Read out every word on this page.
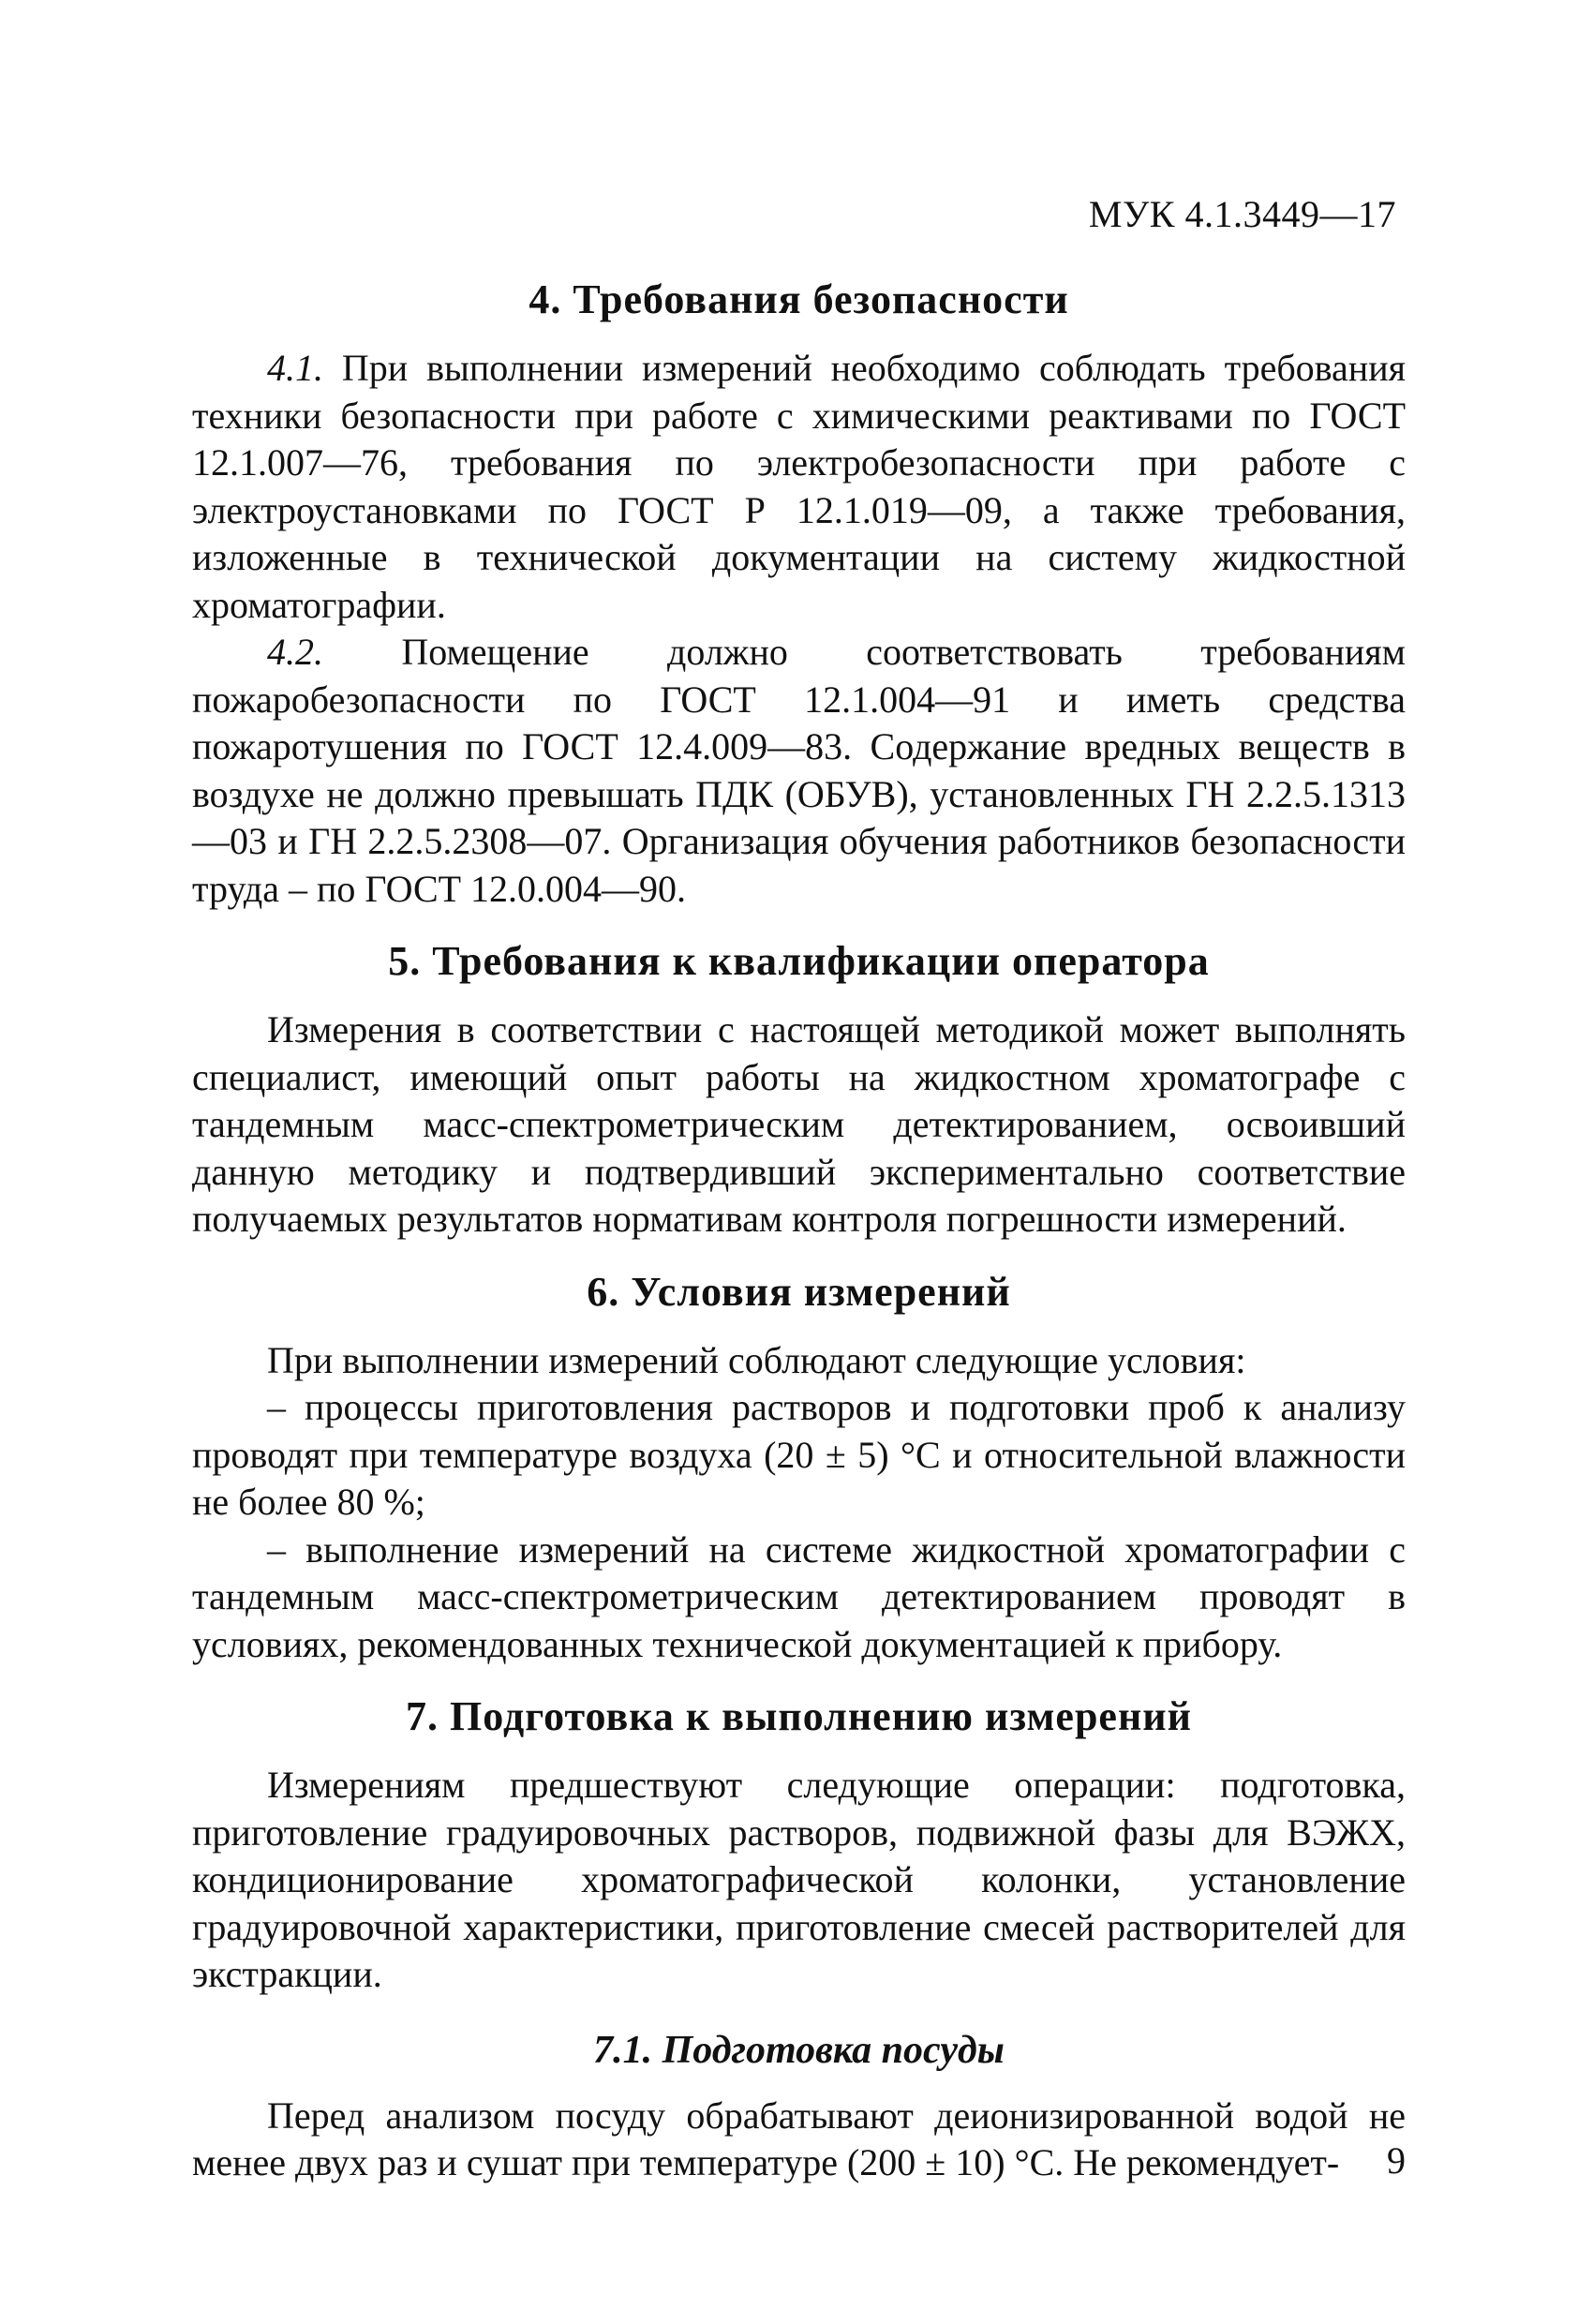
МУК 4.1.3449—17
4. Требования безопасности

4.1. При выполнении измерений необходимо соблюдать требования техники безопасности при работе с химическими реактивами по ГОСТ 12.1.007—76, требования по электробезопасности при работе с электроустановками по ГОСТ Р 12.1.019—09, а также требования, изложенные в технической документации на систему жидкостной хроматографии.

4.2. Помещение должно соответствовать требованиям пожаробезопасности по ГОСТ 12.1.004—91 и иметь средства пожаротушения по ГОСТ 12.4.009—83. Содержание вредных веществ в воздухе не должно превышать ПДК (ОБУВ), установленных ГН 2.2.5.1313—03 и ГН 2.2.5.2308—07. Организация обучения работников безопасности труда – по ГОСТ 12.0.004—90.

5. Требования к квалификации оператора

Измерения в соответствии с настоящей методикой может выполнять специалист, имеющий опыт работы на жидкостном хроматографе с тандемным масс-спектрометрическим детектированием, освоивший данную методику и подтвердивший экспериментально соответствие получаемых результатов нормативам контроля погрешности измерений.

6. Условия измерений

При выполнении измерений соблюдают следующие условия:

– процессы приготовления растворов и подготовки проб к анализу проводят при температуре воздуха (20 ± 5) °С и относительной влажности не более 80 %;

– выполнение измерений на системе жидкостной хроматографии с тандемным масс-спектрометрическим детектированием проводят в условиях, рекомендованных технической документацией к прибору.

7. Подготовка к выполнению измерений

Измерениям предшествуют следующие операции: подготовка, приготовление градуировочных растворов, подвижной фазы для ВЭЖХ, кондиционирование хроматографической колонки, установление градуировочной характеристики, приготовление смесей растворителей для экстракции.

7.1. Подготовка посуды

Перед анализом посуду обрабатывают деионизированной водой не менее двух раз и сушат при температуре (200 ± 10) °С. Не рекомендует-	9
